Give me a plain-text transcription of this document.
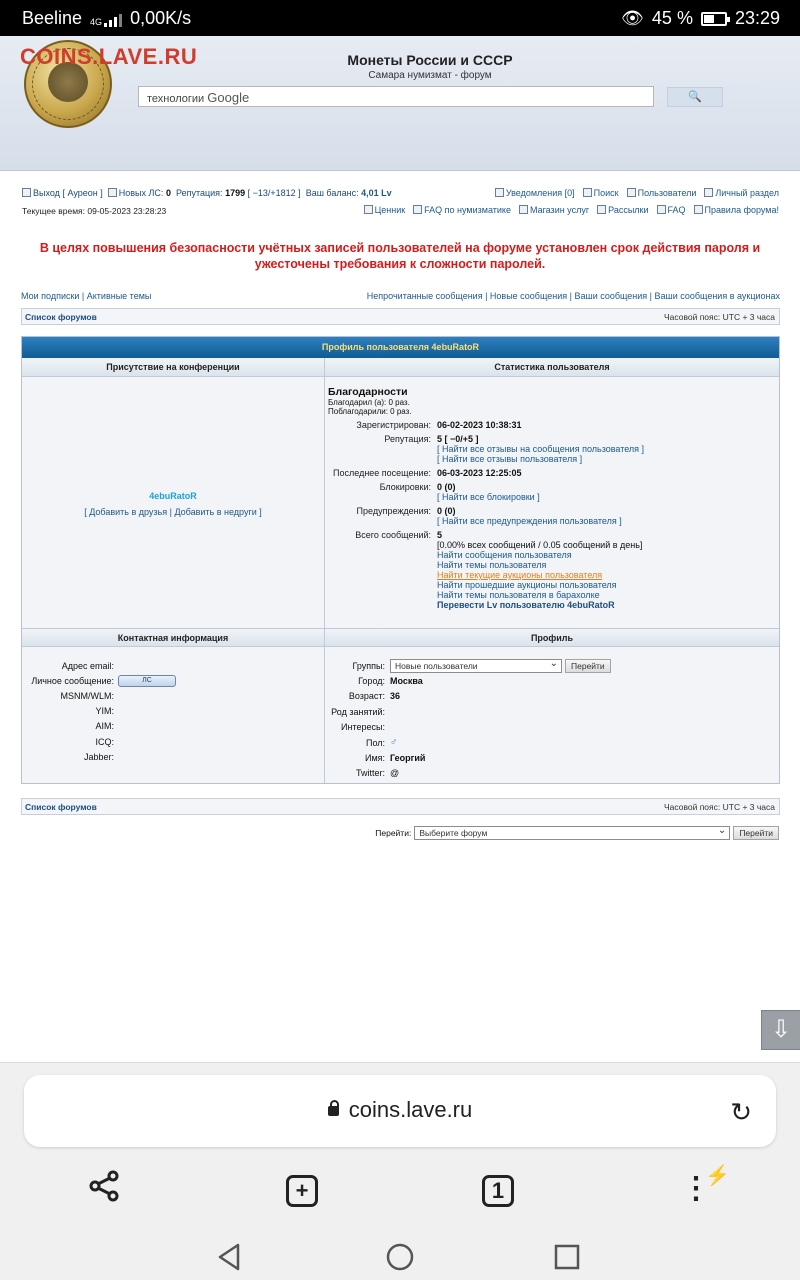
Beeline 4G 0,00K/s	👁 45 % 23:29
COINS.LAVE.RU	Монеты России и СССР
Самара нумизмат - форум
технологии Google	🔍
Выход [ Ауреон ]  Новых ЛС: 0 Репутация: 1799 [ −13/+1812 ] Ваш баланс: 4,01 Lv
Текущее время: 09-05-2023 23:28:23
Уведомления [0]	Поиск	Пользователи	Личный раздел
Ценник	FAQ по нумизматике	Магазин услуг	Рассылки	FAQ	Правила форума!
В целях повышения безопасности учётных записей пользователей на форуме установлен срок действия пароля и ужесточены требования к сложности паролей.
Мои подписки | Активные темы	Непрочитанные сообщения | Новые сообщения | Ваши сообщения | Ваши сообщения в аукционах
Список форумов	Часовой пояс: UTC + 3 часа
Профиль пользователя 4ebuRatoR
Присутствие на конференции	Статистика пользователя
4ebuRatoR
[ Добавить в друзья | Добавить в недруги ]
Благодарности
Благодарил (а): 0 раз.
Поблагодарили: 0 раз.
Зарегистрирован: 06-02-2023 10:38:31
Репутация: 5 [ −0/+5 ]
[ Найти все отзывы на сообщения пользователя ]
[ Найти все отзывы пользователя ]
Последнее посещение: 06-03-2023 12:25:05
Блокировки: 0 (0)
[ Найти все блокировки ]
Предупреждения: 0 (0)
[ Найти все предупреждения пользователя ]
Всего сообщений: 5
[0.00% всех сообщений / 0.05 сообщений в день]
Найти сообщения пользователя
Найти темы пользователя
Найти текущие аукционы пользователя
Найти прошедшие аукционы пользователя
Найти темы пользователя в барахолке
Перевести Lv пользователю 4ebuRatoR
Контактная информация	Профиль
Адрес email:
Личное сообщение:	ЛС
MSNM/WLM:
YIM:
AIM:
ICQ:
Jabber:
Группы:	Новые пользователи ⌄	Перейти
Город: Москва
Возраст: 36
Род занятий:
Интересы:
Пол: ♂
Имя: Георгий
Twitter: @
Список форумов	Часовой пояс: UTC + 3 часа
Перейти: Выберите форум ⌄	Перейти
⇩
coins.lave.ru	↻
+	1	⋮
⚡
